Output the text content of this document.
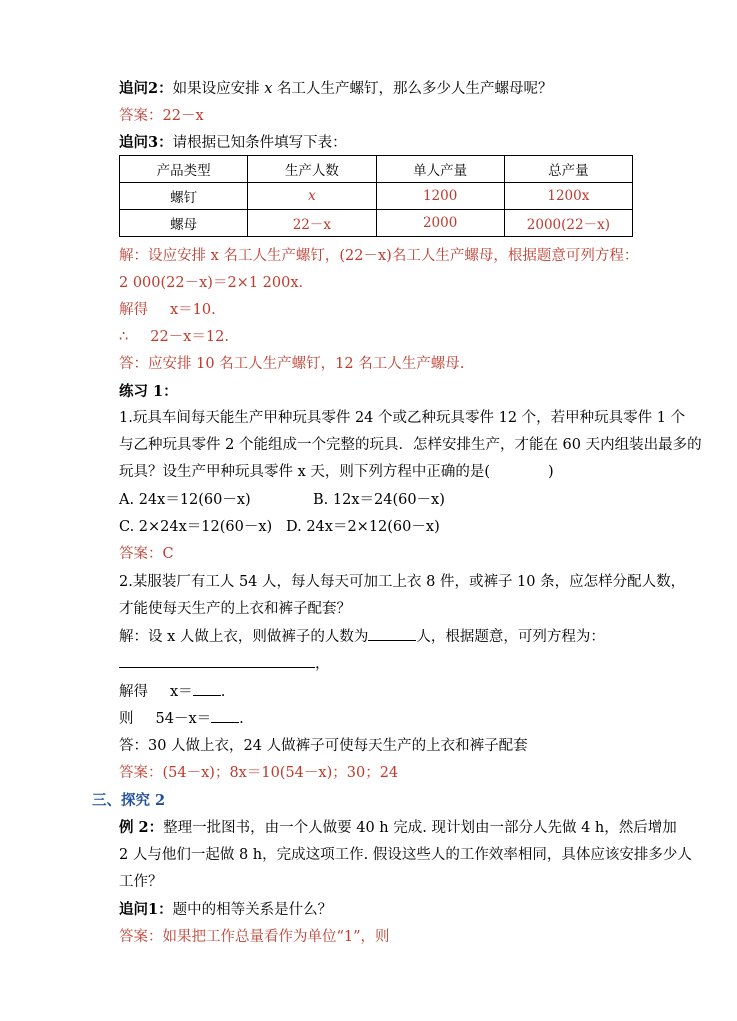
追问2：如果设应安排 x 名工人生产螺钉，那么多少人生产螺母呢？
答案：22－x
追问3：请根据已知条件填写下表：
产品类型	生产人数	单人产量	总产量
螺钉	x	1200	1200x
螺母	22－x	2000	2000(22－x)
解：设应安排 x 名工人生产螺钉，(22－x)名工人生产螺母，根据题意可列方程：
2 000(22－x)＝2×1 200x．
解得 x＝10.
∴ 22－x＝12.
答：应安排 10 名工人生产螺钉，12 名工人生产螺母.
练习 1：
1.玩具车间每天能生产甲种玩具零件 24 个或乙种玩具零件 12 个，若甲种玩具零件 1 个
与乙种玩具零件 2 个能组成一个完整的玩具．怎样安排生产，才能在 60 天内组装出最多的
玩具？设生产甲种玩具零件 x 天，则下列方程中正确的是(　　　　)
A. 24x＝12(60－x)	B. 12x＝24(60－x)
C. 2×24x＝12(60－x) D. 24x＝2×12(60－x)
答案：C
2.某服装厂有工人 54 人，每人每天可加工上衣 8 件，或裤子 10 条，应怎样分配人数，
才能使每天生产的上衣和裤子配套？
解：设 x 人做上衣，则做裤子的人数为	人，根据题意，可列方程为：
，
解得 x＝ .
则 54－x＝ .
答：30 人做上衣，24 人做裤子可使每天生产的上衣和裤子配套
答案：(54－x)；8x＝10(54－x)；30；24
三、探究 2
例 2：整理一批图书，由一个人做要 40 h 完成. 现计划由一部分人先做 4 h，然后增加
2 人与他们一起做 8 h，完成这项工作. 假设这些人的工作效率相同，具体应该安排多少人
工作？
追问1：题中的相等关系是什么？
答案：如果把工作总量看作为单位“1”，则
